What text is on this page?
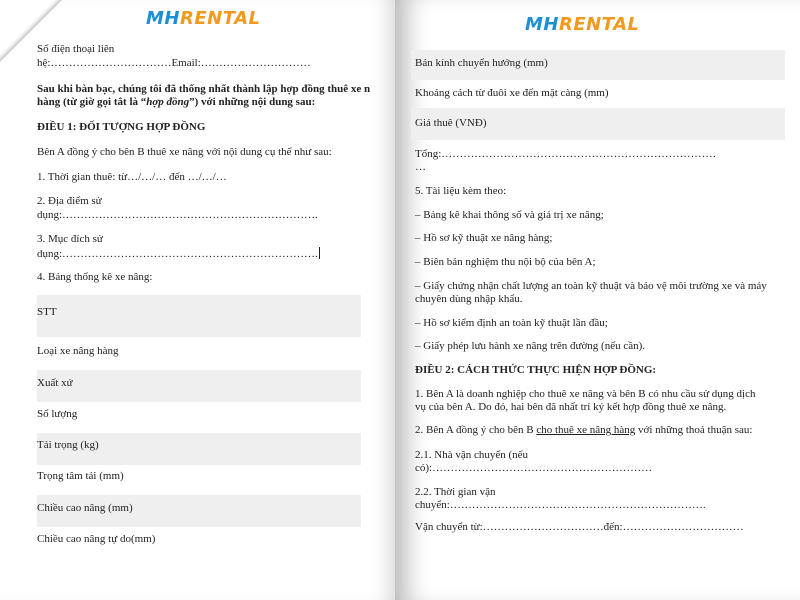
MHRENTAL
Số điện thoại liên
hệ:……………………………Email:…………………………
Sau khi bàn bạc, chúng tôi đã thống nhất thành lập hợp đồng thuê xe n
hàng (từ giờ gọi tắt là “hợp đồng”) với những nội dung sau:
ĐIỀU 1: ĐỐI TƯỢNG HỢP ĐỒNG
Bên A đồng ý cho bên B thuê xe nâng với nội dung cụ thể như sau:
1. Thời gian thuê: từ…/…/… đến …/…/…
2. Địa điểm sử
dụng:…………………………………………………………….
3. Mục đích sử
dụng:…………………………………………………………….
4. Bảng thống kê xe nâng:
STT
Loại xe nâng hàng
Xuất xứ
Số lượng
Tải trọng (kg)
Trọng tâm tải (mm)
Chiều cao nâng (mm)
Chiều cao nâng tự do(mm)
MHRENTAL
Bán kính chuyển hướng (mm)
Khoảng cách từ đuôi xe đến mặt càng (mm)
Giá thuê (VNĐ)
Tổng:…………………………………………………………………
…
5. Tài liệu kèm theo:
– Bảng kê khai thông số và giá trị xe nâng;
– Hồ sơ kỹ thuật xe nâng hàng;
– Biên bản nghiệm thu nội bộ của bên A;
– Giấy chứng nhận chất lượng an toàn kỹ thuật và bảo vệ môi trường xe và máy
chuyên dùng nhập khẩu.
– Hồ sơ kiểm định an toàn kỹ thuật lần đầu;
– Giấy phép lưu hành xe nâng trên đường (nếu cần).
ĐIỀU 2: CÁCH THỨC THỰC HIỆN HỢP ĐỒNG:
1. Bên A là doanh nghiệp cho thuê xe nâng và bên B có nhu cầu sử dụng dịch
vụ của bên A. Do đó, hai bên đã nhất trí ký kết hợp đồng thuê xe nâng.
2. Bên A đồng ý cho bên B cho thuê xe nâng hàng với những thoả thuận sau:
2.1. Nhà vận chuyển (nếu
có):……………………………………………………
2.2. Thời gian vận
chuyển:…………………………………………………………….
Vận chuyển từ:……………………………đến:……………………………
